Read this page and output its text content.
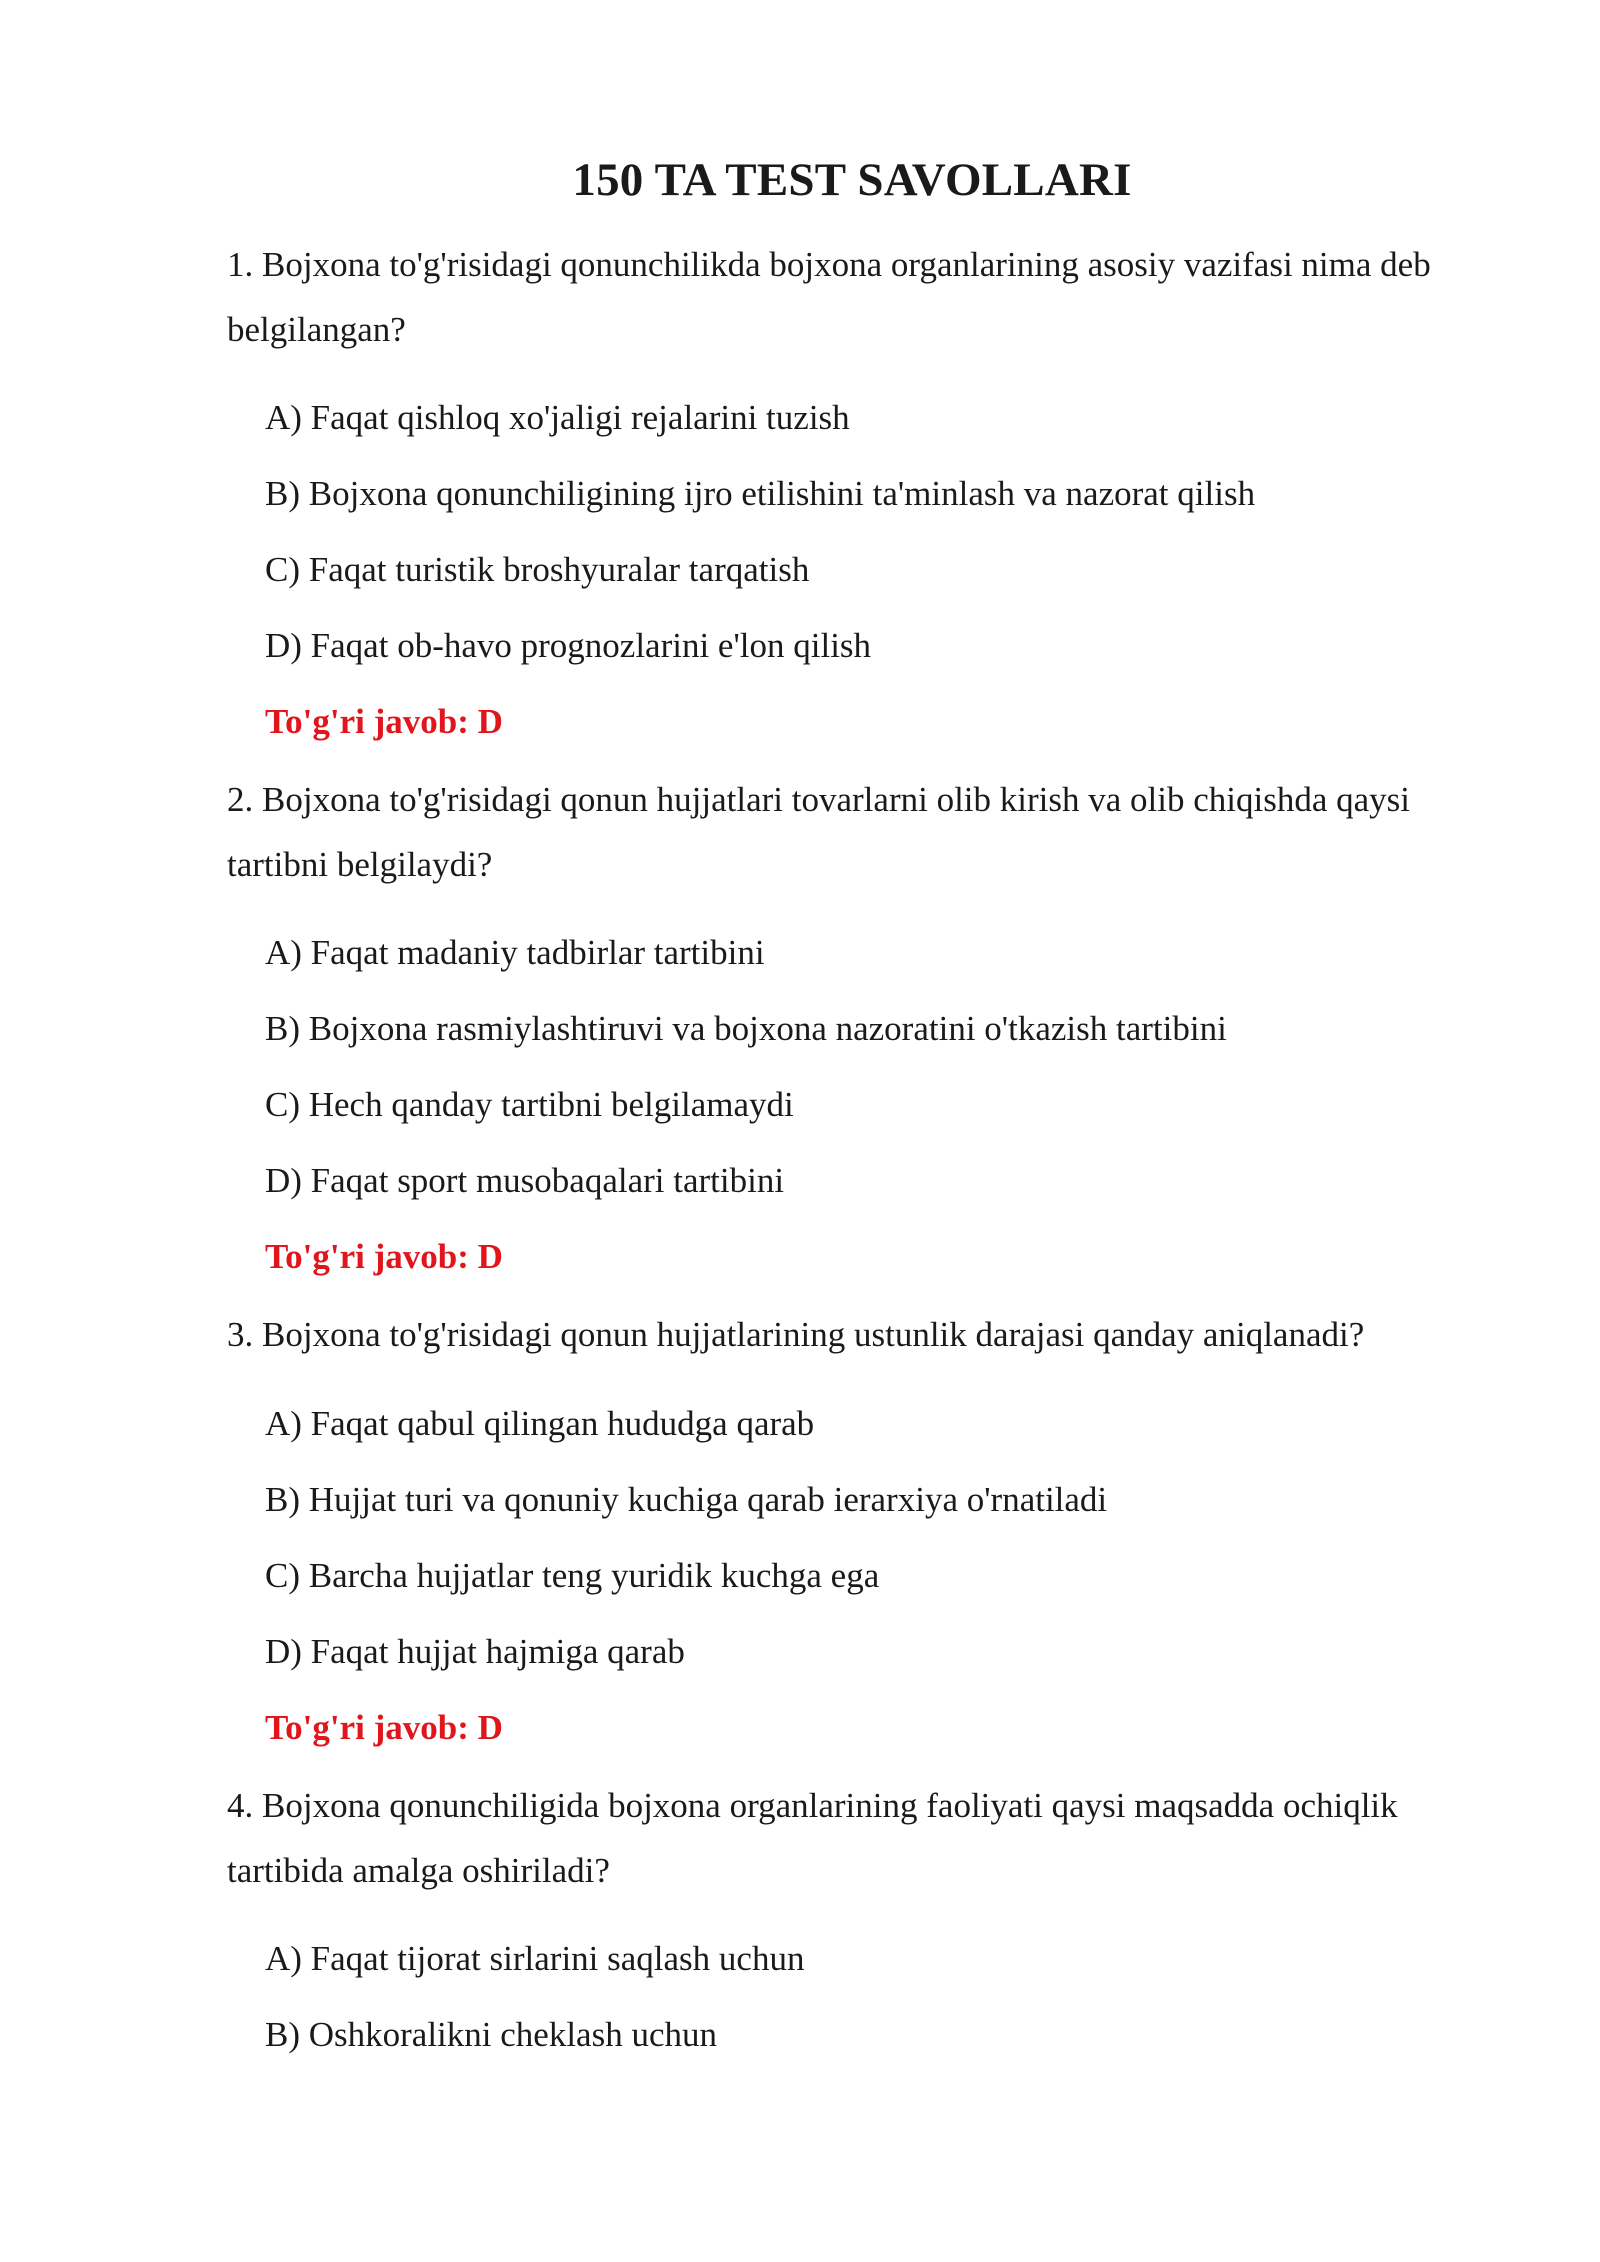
150 TA TEST SAVOLLARI
1. Bojxona to'g'risidagi qonunchilikda bojxona organlarining asosiy vazifasi nima deb belgilangan?
A) Faqat qishloq xo'jaligi rejalarini tuzish
B) Bojxona qonunchiligining ijro etilishini ta'minlash va nazorat qilish
C) Faqat turistik broshyuralar tarqatish
D) Faqat ob-havo prognozlarini e'lon qilish
To'g'ri javob: D
2. Bojxona to'g'risidagi qonun hujjatlari tovarlarni olib kirish va olib chiqishda qaysi tartibni belgilaydi?
A) Faqat madaniy tadbirlar tartibini
B) Bojxona rasmiylashtiruvi va bojxona nazoratini o'tkazish tartibini
C) Hech qanday tartibni belgilamaydi
D) Faqat sport musobaqalari tartibini
To'g'ri javob: D
3. Bojxona to'g'risidagi qonun hujjatlarining ustunlik darajasi qanday aniqlanadi?
A) Faqat qabul qilingan hududga qarab
B) Hujjat turi va qonuniy kuchiga qarab ierarxiya o'rnatiladi
C) Barcha hujjatlar teng yuridik kuchga ega
D) Faqat hujjat hajmiga qarab
To'g'ri javob: D
4. Bojxona qonunchiligida bojxona organlarining faoliyati qaysi maqsadda ochiqlik tartibida amalga oshiriladi?
A) Faqat tijorat sirlarini saqlash uchun
B) Oshkoralikni cheklash uchun
